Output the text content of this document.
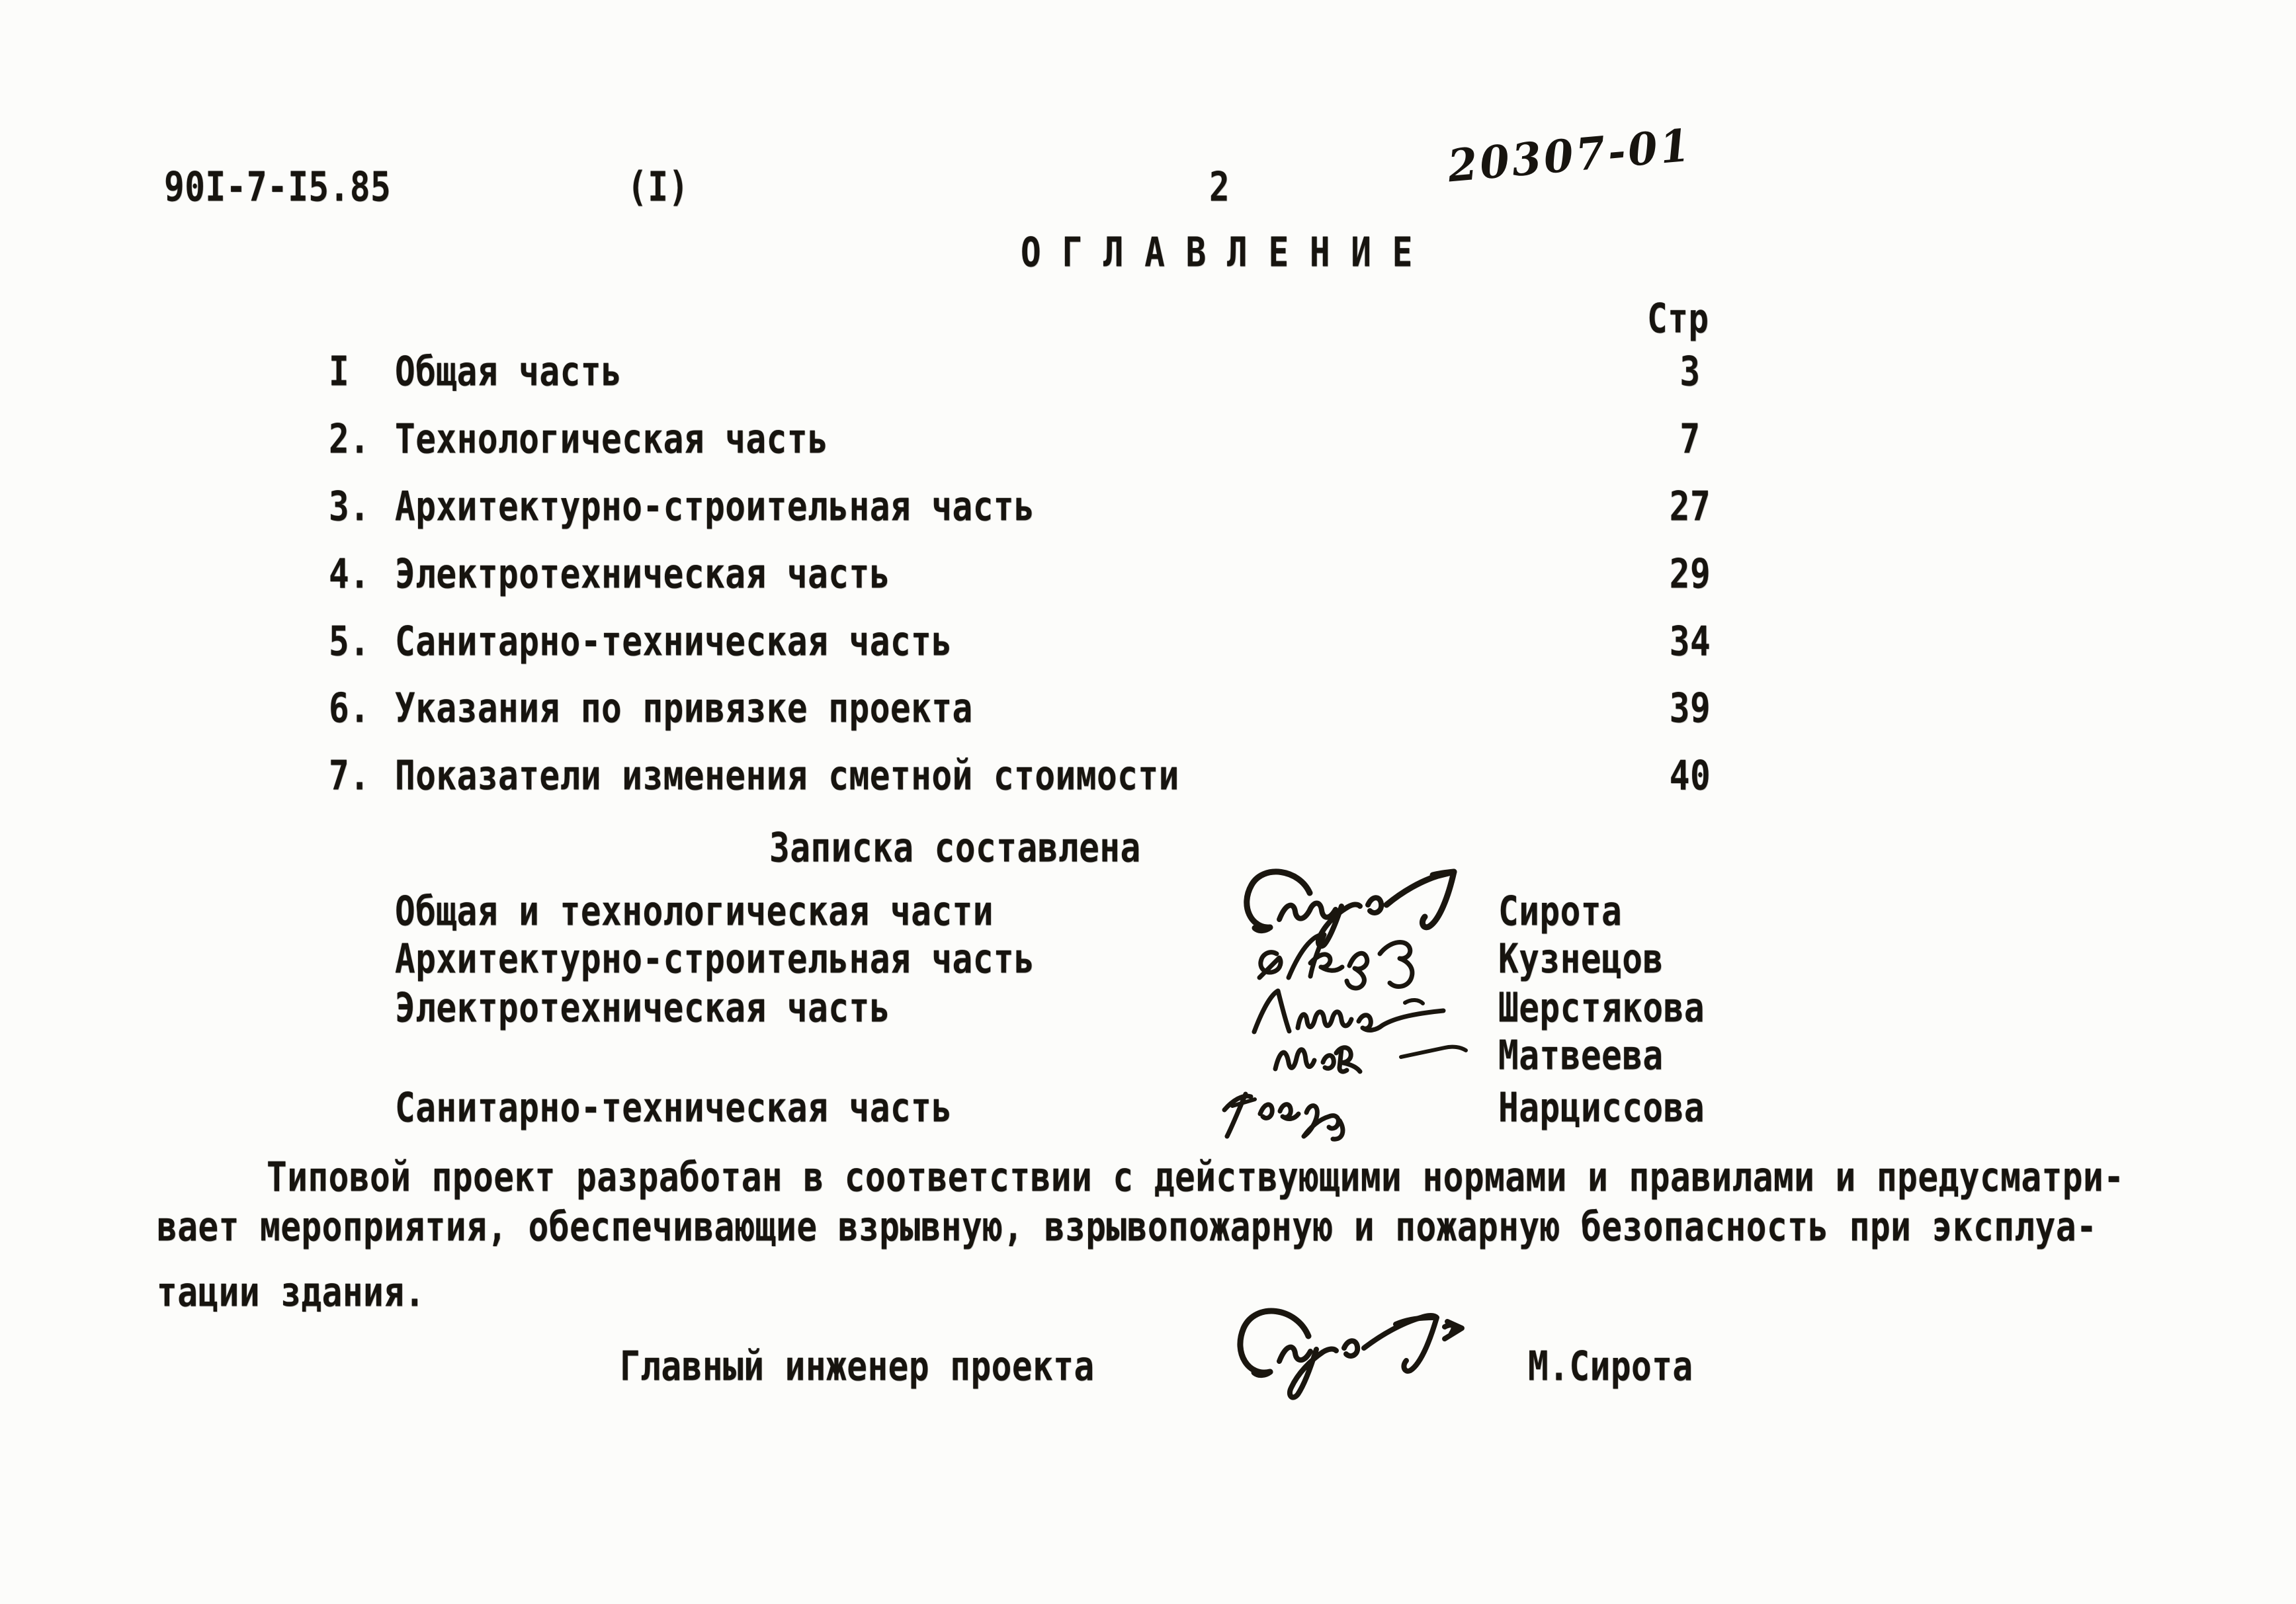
90I-7-I5.85	(I)	2	20307-01
О Г Л А В Л Е Н И Е
Стр
I Общая часть	3
2. Технологическая часть	7
3. Архитектурно-строительная часть	27
4. Электротехническая часть	29
5. Санитарно-техническая часть	34
6. Указания по привязке проекта	39
7. Показатели изменения сметной стоимости	40
Записка составлена
Общая и технологическая части	Сирота
Архитектурно-строительная часть	Кузнецов
Электротехническая часть	Шерстякова
Матвеева
Санитарно-техническая часть	Нарциссова
Типовой проект разработан в соответствии с действующими нормами и правилами и предусматри-
вает мероприятия, обеспечивающие взрывную, взрывопожарную и пожарную безопасность при эксплуа-
тации здания.
Главный инженер проекта	М.Сирота
